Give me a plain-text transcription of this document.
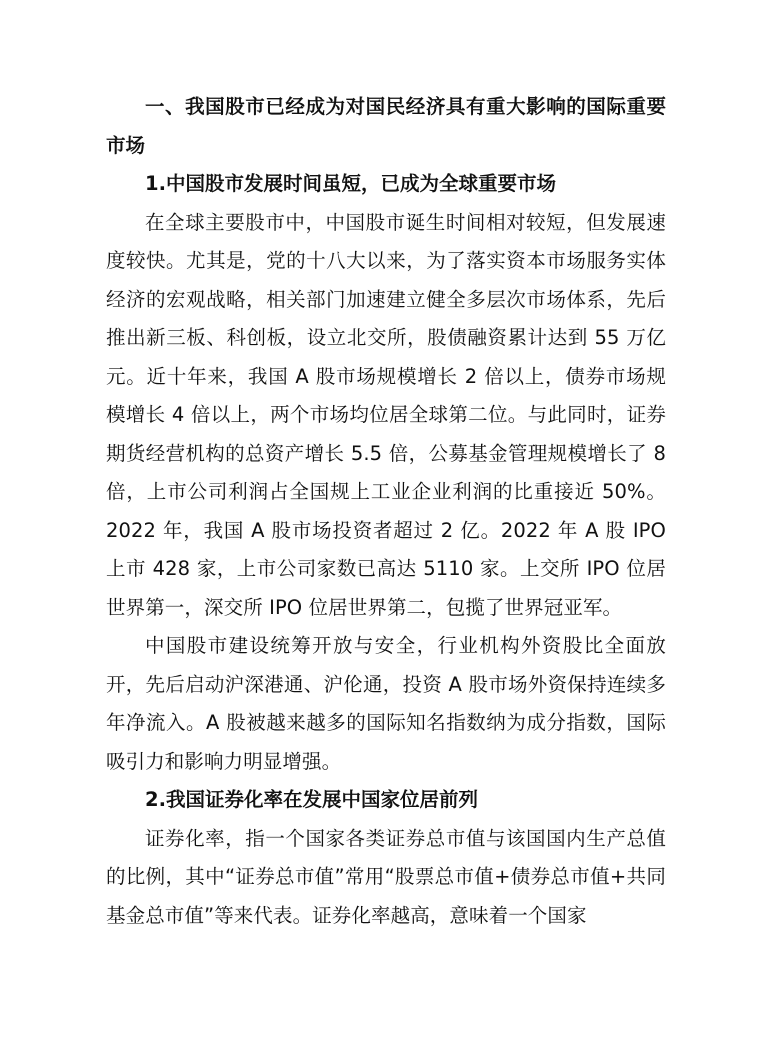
一、我国股市已经成为对国民经济具有重大影响的国际重要市场

1.中国股市发展时间虽短，已成为全球重要市场

在全球主要股市中，中国股市诞生时间相对较短，但发展速度较快。尤其是，党的十八大以来，为了落实资本市场服务实体经济的宏观战略，相关部门加速建立健全多层次市场体系，先后推出新三板、科创板，设立北交所，股债融资累计达到 55 万亿元。近十年来，我国 A 股市场规模增长 2 倍以上，债券市场规模增长 4 倍以上，两个市场均位居全球第二位。与此同时，证券期货经营机构的总资产增长 5.5 倍，公募基金管理规模增长了 8 倍，上市公司利润占全国规上工业企业利润的比重接近 50%。2022 年，我国 A 股市场投资者超过 2 亿。2022 年 A 股 IPO 上市 428 家，上市公司家数已高达 5110 家。上交所 IPO 位居世界第一，深交所 IPO 位居世界第二，包揽了世界冠亚军。

中国股市建设统筹开放与安全，行业机构外资股比全面放开，先后启动沪深港通、沪伦通，投资 A 股市场外资保持连续多年净流入。A 股被越来越多的国际知名指数纳为成分指数，国际吸引力和影响力明显增强。

2.我国证券化率在发展中国家位居前列

证券化率，指一个国家各类证券总市值与该国国内生产总值的比例，其中“证券总市值”常用“股票总市值+债券总市值+共同基金总市值”等来代表。证券化率越高，意味着一个国家
